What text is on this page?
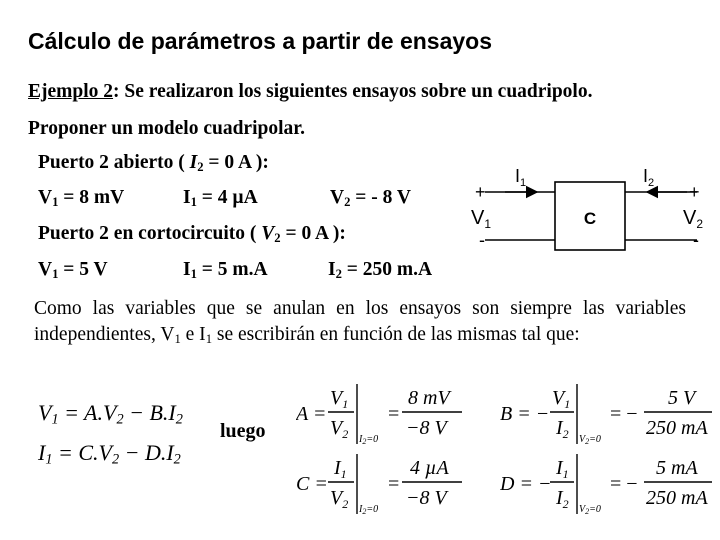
Cálculo de parámetros a partir de ensayos
Ejemplo 2: Se realizaron los siguientes ensayos sobre un cuadripolo.
Proponer un modelo cuadripolar.
Puerto 2 abierto ( $I_2 = 0$ A ):
$V_1 = 8$ mV	$I_1 = 4$ µA	$V_2$ = - 8 V
Puerto 2 en cortocircuito ( $V_2 = 0$ A ):
$V_1 = 5$ V	$I_1 = 5$ m.A	$I_2 = 250$ m.A
C
$I_1$	$I_2$
$V_1$	$V_2$
+
-
+
-
Como las variables que se anulan en los ensayos son siempre las variables independientes, $V_1$ e $I_1$ se escribirán en función de las mismas tal que:
$V_1 = A.V_2 - B.I_2$
$I_1 = C.V_2 - D.I_2$
luego
A =
$V_1$
$V_2$ $I_2=0$
=
8 mV
−8 V
B = −
$V_1$
$I_2$ $V_2=0$
= −
5 V
250 mA
C =
$I_1$
$V_2$ $I_2=0$
=
4 µA
−8 V
D = −
$I_1$
$I_2$ $V_2=0$
= −
5 mA
250 mA
